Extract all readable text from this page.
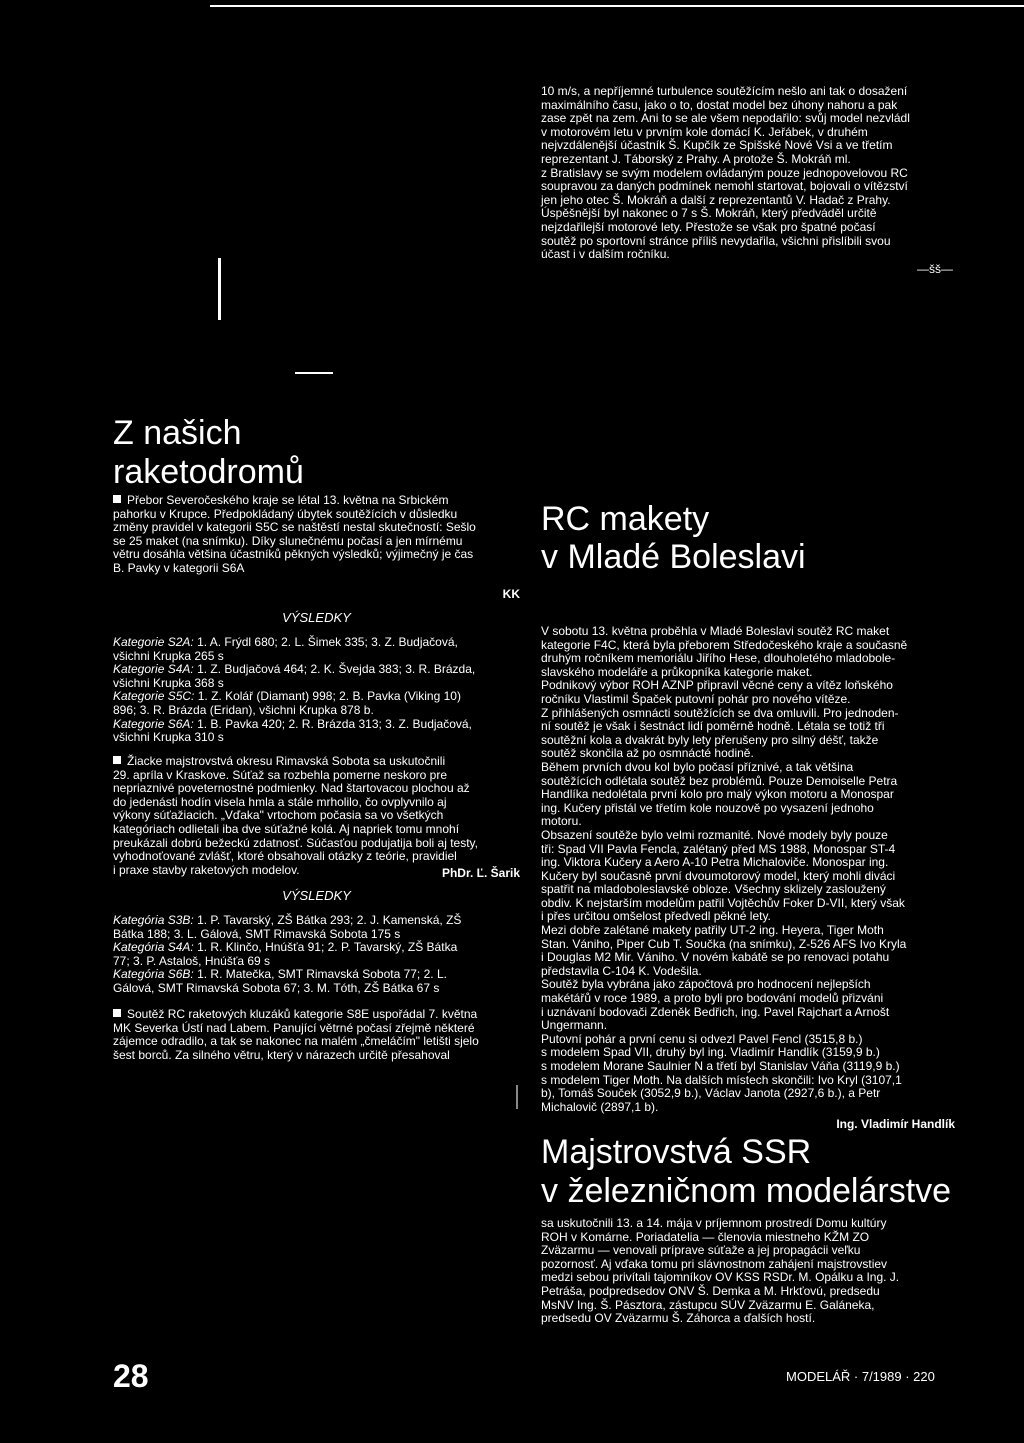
10 m/s, a nepříjemné turbulence soutěžícím nešlo ani tak o dosažení

maximálního času, jako o to, dostat model bez úhony nahoru a pak

zase zpět na zem. Ani to se ale všem nepodařilo: svůj model nezvládl

v motorovém letu v prvním kole domácí K. Jeřábek, v druhém

nejvzdálenější účastník Š. Kupčík ze Spišské Nové Vsi a ve třetím

reprezentant J. Táborský z Prahy. A protože Š. Mokráň ml.

z Bratislavy se svým modelem ovládaným pouze jednopovelovou RC

soupravou za daných podmínek nemohl startovat, bojovali o vítězství

jen jeho otec Š. Mokráň a další z reprezentantů V. Hadač z Prahy.

Úspěšnější byl nakonec o 7 s Š. Mokráň, který předváděl určitě

nejzdařilejší motorové lety. Přestože se však pro špatné počasí

soutěž po sportovní stránce příliš nevydařila, všichni přislíbili svou

účast i v dalším ročníku.

—šš—

Z našich
raketodromů

Přebor Severočeského kraje se létal 13. května na Srbickém

pahorku v Krupce. Předpokládaný úbytek soutěžících v důsledku

změny pravidel v kategorii S5C se naštěstí nestal skutečností: Sešlo

se 25 maket (na snímku). Díky slunečnému počasí a jen mírnému

větru dosáhla většina účastníků pěkných výsledků; výjimečný je čas

B. Pavky v kategorii S6A

KK

VÝSLEDKY

Kategorie S2A: 1. A. Frýdl 680; 2. L. Šimek 335; 3. Z. Budjačová,

všichni Krupka 265 s

Kategorie S4A: 1. Z. Budjačová 464; 2. K. Švejda 383; 3. R. Brázda,

všichni Krupka 368 s

Kategorie S5C: 1. Z. Kolář (Diamant) 998; 2. B. Pavka (Viking 10)

896; 3. R. Brázda (Eridan), všichni Krupka 878 b.

Kategorie S6A: 1. B. Pavka 420; 2. R. Brázda 313; 3. Z. Budjačová,

všichni Krupka 310 s

Žiacke majstrovstvá okresu Rimavská Sobota sa uskutočnili

29. apríla v Kraskove. Súťaž sa rozbehla pomerne neskoro pre

nepriaznivé poveternostné podmienky. Nad štartovacou plochou až

do jedenásti hodín visela hmla a stále mrholilo, čo ovplyvnilo aj

výkony súťažiacich. „Vďaka" vrtochom počasia sa vo všetkých

kategóriach odlietali iba dve súťažné kolá. Aj napriek tomu mnohí

preukázali dobrú bežeckú zdatnosť. Súčasťou podujatija boli aj testy,

vyhodnoťované zvlášť, ktoré obsahovali otázky z teórie, pravidiel

i praxe stavby raketových modelov.	PhDr. Ľ. Šarik

VÝSLEDKY

Kategória S3B: 1. P. Tavarský, ZŠ Bátka 293; 2. J. Kamenská, ZŠ

Bátka 188; 3. L. Gálová, SMT Rimavská Sobota 175 s

Kategória S4A: 1. R. Klinčo, Hnúšťa 91; 2. P. Tavarský, ZŠ Bátka

77; 3. P. Astaloš, Hnúšťa 69 s

Kategória S6B: 1. R. Matečka, SMT Rimavská Sobota 77; 2. L.

Gálová, SMT Rimavská Sobota 67; 3. M. Tóth, ZŠ Bátka 67 s

Soutěž RC raketových kluzáků kategorie S8E uspořádal 7. května

MK Severka Ústí nad Labem. Panující větrné počasí zřejmě některé

zájemce odradilo, a tak se nakonec na malém „čmeláčím" letišti sjelo

šest borců. Za silného větru, který v nárazech určitě přesahoval

RC makety
v Mladé Boleslavi

V sobotu 13. května proběhla v Mladé Boleslavi soutěž RC maket

kategorie F4C, která byla přeborem Středočeského kraje a současně

druhým ročníkem memoriálu Jiřího Hese, dlouholetého mladobole-

slavského modeláře a průkopníka kategorie maket.

Podnikový výbor ROH AZNP připravil věcné ceny a vítěz loňského

ročníku Vlastimil Špaček putovní pohár pro nového vítěze.

Z přihlášených osmnácti soutěžících se dva omluvili. Pro jednoden-

ní soutěž je však i šestnáct lidí poměrně hodně. Létala se totiž tři

soutěžní kola a dvakrát byly lety přerušeny pro silný déšť, takže

soutěž skončila až po osmnácté hodině.

Během prvních dvou kol bylo počasí příznivé, a tak většina

soutěžících odlétala soutěž bez problémů. Pouze Demoiselle Petra

Handlíka nedolétala první kolo pro malý výkon motoru a Monospar

ing. Kučery přistál ve třetím kole nouzově po vysazení jednoho

motoru.

Obsazení soutěže bylo velmi rozmanité. Nové modely byly pouze

tři: Spad VII Pavla Fencla, zalétaný před MS 1988, Monospar ST-4

ing. Viktora Kučery a Aero A-10 Petra Michaloviče. Monospar ing.

Kučery byl současně první dvoumotorový model, který mohli diváci

spatřit na mladoboleslavské obloze. Všechny sklizely zasloužený

obdiv. K nejstarším modelům patřil Vojtěchův Foker D-VII, který však

i přes určitou omšelost předvedl pěkné lety.

Mezi dobře zalétané makety patřily UT-2 ing. Heyera, Tiger Moth

Stan. Vániho, Piper Cub T. Součka (na snímku), Z-526 AFS Ivo Kryla

i Douglas M2 Mir. Vániho. V novém kabátě se po renovaci potahu

představila C-104 K. Vodešila.

Soutěž byla vybrána jako zápočtová pro hodnocení nejlepších

makétářů v roce 1989, a proto byli pro bodování modelů přizváni

i uznávaní bodovači Zdeněk Bedřich, ing. Pavel Rajchart a Arnošt

Ungermann.

Putovní pohár a první cenu si odvezl Pavel Fencl (3515,8 b.)

s modelem Spad VII, druhý byl ing. Vladimír Handlík (3159,9 b.)

s modelem Morane Saulnier N a třetí byl Stanislav Váňa (3119,9 b.)

s modelem Tiger Moth. Na dalších místech skončili: Ivo Kryl (3107,1

b), Tomáš Souček (3052,9 b.), Václav Janota (2927,6 b.), a Petr

Michalovič (2897,1 b).

Ing. Vladimír Handlík

Majstrovstvá SSR
v železničnom modelárstve

sa uskutočnili 13. a 14. mája v príjemnom prostredí Domu kultúry

ROH v Komárne. Poriadatelia — členovia miestneho KŽM ZO

Zväzarmu — venovali príprave súťaže a jej propagácii veľku

pozornosť. Aj vďaka tomu pri slávnostnom zahájení majstrovstiev

medzi sebou privítali tajomníkov OV KSS RSDr. M. Opálku a Ing. J.

Petráša, podpredsedov ONV Š. Demka a M. Hrkťovú, predsedu

MsNV Ing. Š. Pásztora, zástupcu SÚV Zväzarmu E. Galáneka,

predsedu OV Zväzarmu Š. Záhorca a ďalších hostí.

28	MODELÁŘ · 7/1989 · 220
